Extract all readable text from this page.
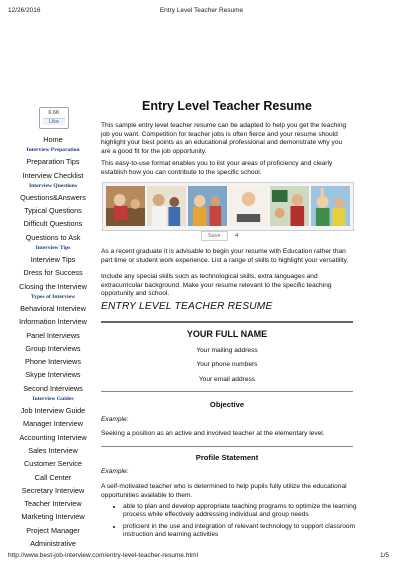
12/26/2016	Entry Level Teacher Resume
6.6K
Like
Home
Interview Preparation
Preparation Tips
Interview Checklist
Interview Questions
Questions&Answers
Typical Questions
Difficult Questions
Questions to Ask
Interview Tips
Interview Tips
Dress for Success
Closing the Interview
Types of Interview
Behavioral Interview
Information Interview
Panel Interviews
Group Interviews
Phone Interviews
Skype Interviews
Second Interviews
Interview Guides
Job Interview Guide
Manager Interview
Accounting Interview
Sales Interview
Customer Service
Call Center
Secretary Interview
Teacher Interview
Marketing Interview
Project Manager
Administrative
Entry Level Teacher Resume

This sample entry level teacher resume can be adapted to help you get the teaching job you want. Competition for teacher jobs is often fierce and your resume should highlight your best points as an educational professional and demonstrate why you are a good fit for the job opportunity.

This easy-to-use format enables you to list your areas of proficiency and clearly establish how you can contribute to the specific school.

Save	4

As a recent graduate it is advisable to begin your resume with Education rather than part time or student work experience. List a range of skills to highlight your versatility.

Include any special skills such as technological skills, extra languages and extracurricular background. Make your resume relevant to the specific teaching opportunity and school.

ENTRY LEVEL TEACHER RESUME
YOUR FULL NAME
Your mailing address
Your phone numbers
Your email address
Objective
Example:
Seeking a position as an active and involved teacher at the elementary level.
Profile Statement
Example:
A self-motivated teacher who is determined to help pupils fully utilize the educational opportunities available to them.
• able to plan and develop appropriate teaching programs to optimize the learning process while effectively addressing individual and group needs
• proficient in the use and integration of relevant technology to support classroom instruction and learning activities
http://www.best-job-interview.com/entry-level-teacher-resume.html	1/5
